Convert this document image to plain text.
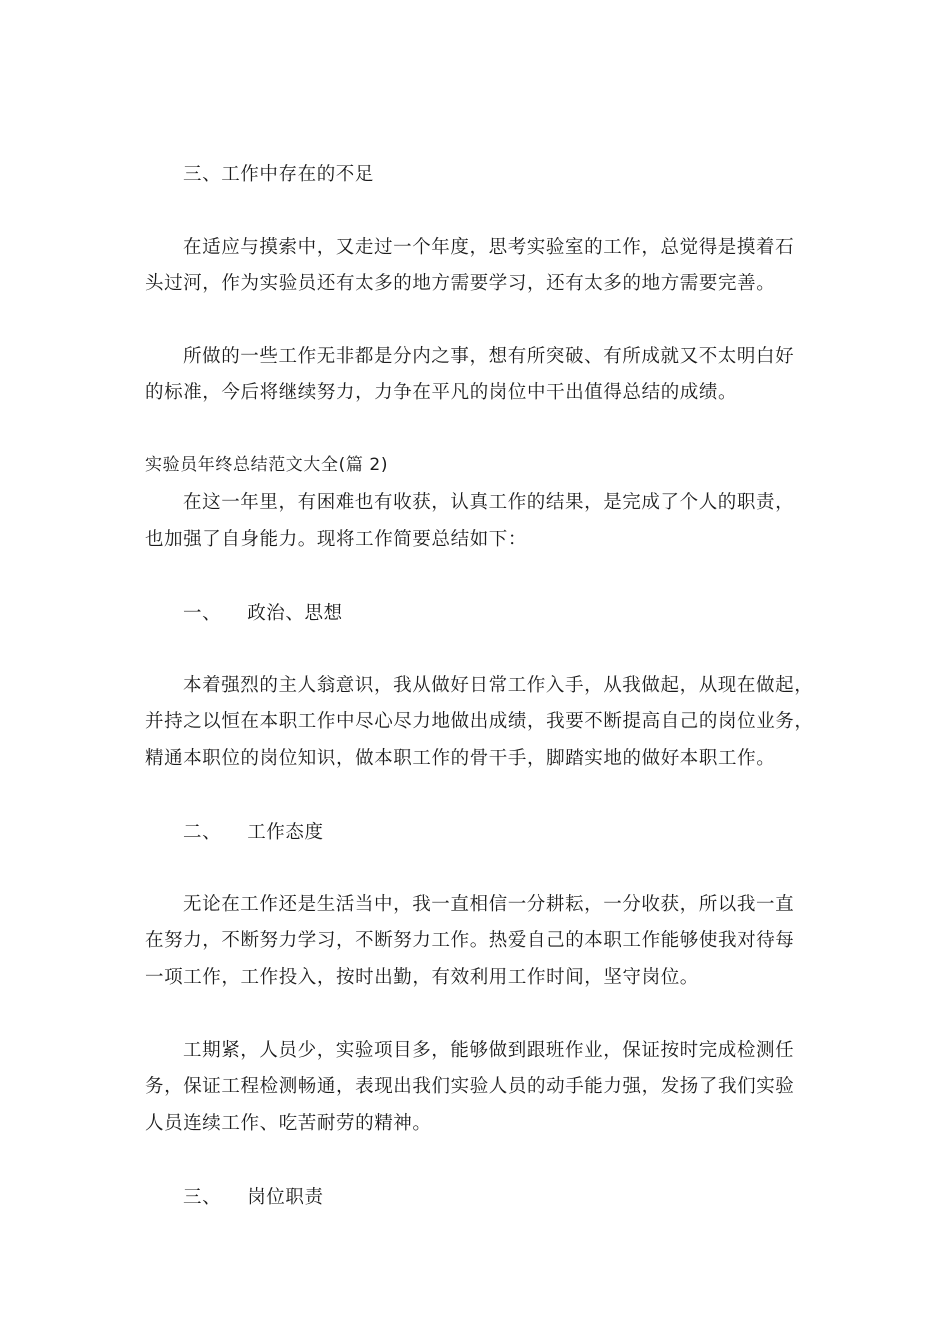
三、工作中存在的不足
在适应与摸索中，又走过一个年度，思考实验室的工作，总觉得是摸着石
头过河，作为实验员还有太多的地方需要学习，还有太多的地方需要完善。
所做的一些工作无非都是分内之事，想有所突破、有所成就又不太明白好
的标准，今后将继续努力，力争在平凡的岗位中干出值得总结的成绩。
实验员年终总结范文大全(篇 2)
在这一年里，有困难也有收获，认真工作的结果，是完成了个人的职责，
也加强了自身能力。现将工作简要总结如下：
一、 政治、思想
本着强烈的主人翁意识，我从做好日常工作入手，从我做起，从现在做起，
并持之以恒在本职工作中尽心尽力地做出成绩，我要不断提高自己的岗位业务，
精通本职位的岗位知识，做本职工作的骨干手，脚踏实地的做好本职工作。
二、 工作态度
无论在工作还是生活当中，我一直相信一分耕耘，一分收获，所以我一直
在努力，不断努力学习，不断努力工作。热爱自己的本职工作能够使我对待每
一项工作，工作投入，按时出勤，有效利用工作时间，坚守岗位。
工期紧，人员少，实验项目多，能够做到跟班作业，保证按时完成检测任
务，保证工程检测畅通，表现出我们实验人员的动手能力强，发扬了我们实验
人员连续工作、吃苦耐劳的精神。
三、 岗位职责
